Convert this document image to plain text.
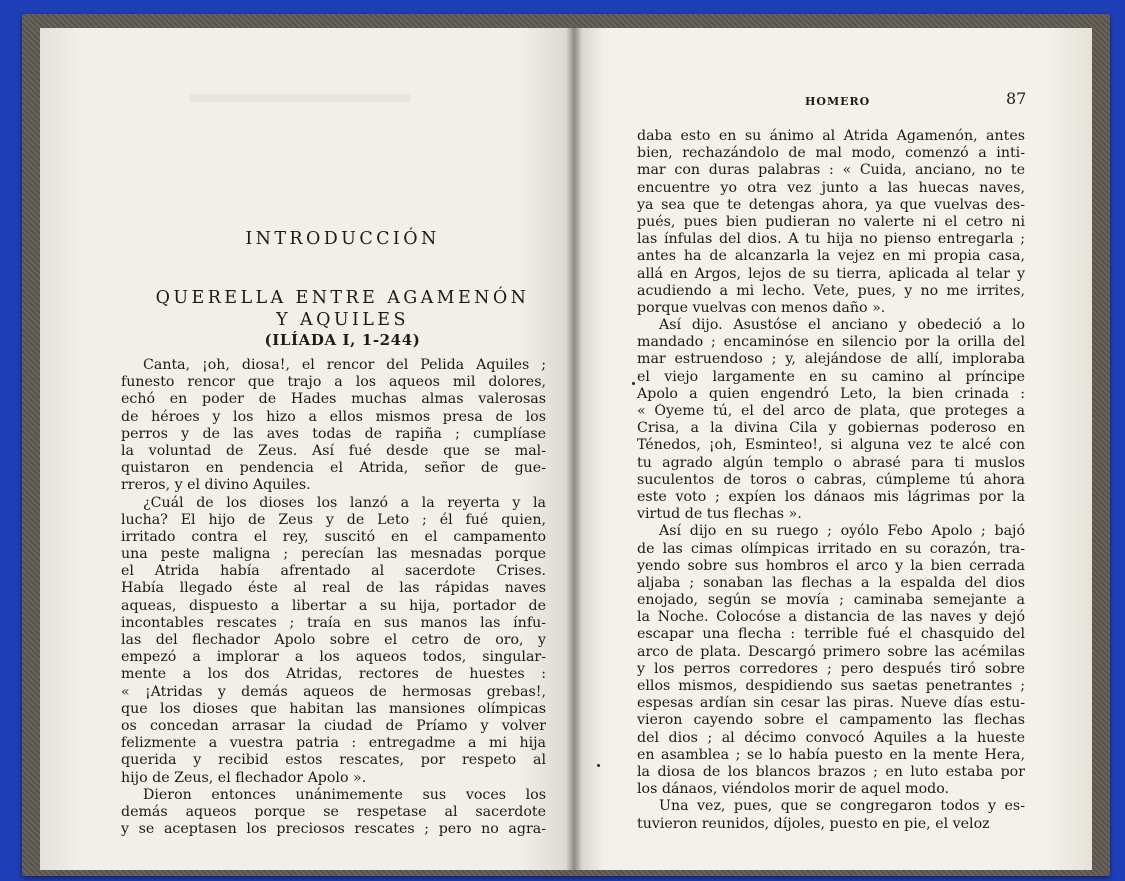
INTRODUCCIÓN
QUERELLA ENTRE AGAMENÓN
Y AQUILES
(ILÍADA I, 1-244)
Canta, ¡oh, diosa!, el rencor del Pelida Aquiles ;
funesto rencor que trajo a los aqueos mil dolores,
echó en poder de Hades muchas almas valerosas
de héroes y los hizo a ellos mismos presa de los
perros y de las aves todas de rapiña ; cumplíase
la voluntad de Zeus. Así fué desde que se mal-
quistaron en pendencia el Atrida, señor de gue-
rreros, y el divino Aquiles.
¿Cuál de los dioses los lanzó a la reyerta y la
lucha? El hijo de Zeus y de Leto ; él fué quien,
irritado contra el rey, suscitó en el campamento
una peste maligna ; perecían las mesnadas porque
el Atrida había afrentado al sacerdote Crises.
Había llegado éste al real de las rápidas naves
aqueas, dispuesto a libertar a su hija, portador de
incontables rescates ; traía en sus manos las ínfu-
las del flechador Apolo sobre el cetro de oro, y
empezó a implorar a los aqueos todos, singular-
mente a los dos Atridas, rectores de huestes :
« ¡Atridas y demás aqueos de hermosas grebas!,
que los dioses que habitan las mansiones olímpicas
os concedan arrasar la ciudad de Príamo y volver
felizmente a vuestra patria : entregadme a mi hija
querida y recibid estos rescates, por respeto al
hijo de Zeus, el flechador Apolo ».
Dieron entonces unánimemente sus voces los
demás aqueos porque se respetase al sacerdote
y se aceptasen los preciosos rescates ; pero no agra-
HOMERO	87
daba esto en su ánimo al Atrida Agamenón, antes
bien, rechazándolo de mal modo, comenzó a inti-
mar con duras palabras : « Cuida, anciano, no te
encuentre yo otra vez junto a las huecas naves,
ya sea que te detengas ahora, ya que vuelvas des-
pués, pues bien pudieran no valerte ni el cetro ni
las ínfulas del dios. A tu hija no pienso entregarla ;
antes ha de alcanzarla la vejez en mi propia casa,
allá en Argos, lejos de su tierra, aplicada al telar y
acudiendo a mi lecho. Vete, pues, y no me irrites,
porque vuelvas con menos daño ».
Así dijo. Asustóse el anciano y obedeció a lo
mandado ; encaminóse en silencio por la orilla del
mar estruendoso ; y, alejándose de allí, imploraba
el viejo largamente en su camino al príncipe
Apolo a quien engendró Leto, la bien crinada :
« Óyeme tú, el del arco de plata, que proteges a
Crisa, a la divina Cila y gobiernas poderoso en
Ténedos, ¡oh, Esminteo!, si alguna vez te alcé con
tu agrado algún templo o abrasé para ti muslos
suculentos de toros o cabras, cúmpleme tú ahora
este voto ; expíen los dánaos mis lágrimas por la
virtud de tus flechas ».
Así dijo en su ruego ; oyólo Febo Apolo ; bajó
de las cimas olímpicas irritado en su corazón, tra-
yendo sobre sus hombros el arco y la bien cerrada
aljaba ; sonaban las flechas a la espalda del dios
enojado, según se movía ; caminaba semejante a
la Noche. Colocóse a distancia de las naves y dejó
escapar una flecha : terrible fué el chasquido del
arco de plata. Descargó primero sobre las acémilas
y los perros corredores ; pero después tiró sobre
ellos mismos, despidiendo sus saetas penetrantes ;
espesas ardían sin cesar las piras. Nueve días estu-
vieron cayendo sobre el campamento las flechas
del dios ; al décimo convocó Aquiles a la hueste
en asamblea ; se lo había puesto en la mente Hera,
la diosa de los blancos brazos ; en luto estaba por
los dánaos, viéndolos morir de aquel modo.
Una vez, pues, que se congregaron todos y es-
tuvieron reunidos, díjoles, puesto en pie, el veloz
